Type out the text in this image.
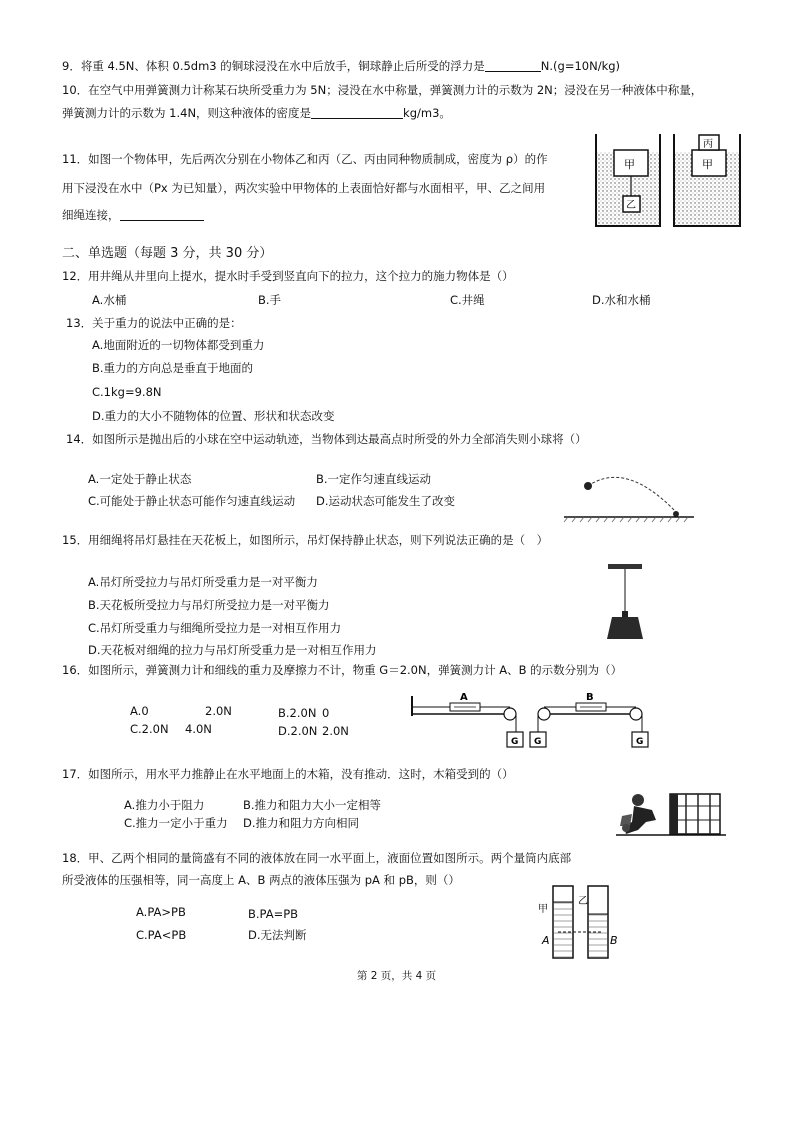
9．将重 4.5N、体积 0.5dm3 的铜球浸没在水中后放手，铜球静止后所受的浮力是	N.(g=10N/kg)
10．在空气中用弹簧测力计称某石块所受重力为 5N；浸没在水中称量，弹簧测力计的示数为 2N；浸没在另一种液体中称量，
弹簧测力计的示数为 1.4N，则这种液体的密度是	kg/m3。
11．如图一个物体甲，先后两次分别在小物体乙和丙（乙、丙由同种物质制成，密度为 ρ）的作
用下浸没在水中（Px 为已知量），两次实验中甲物体的上表面恰好都与水面相平，甲、乙之间用
细绳连接，
甲
乙
甲
丙
二、单选题（每题 3 分，共 30 分）
12．用井绳从井里向上提水，提水时手受到竖直向下的拉力，这个拉力的施力物体是（）
A.水桶	B.手	C.井绳	D.水和水桶
13．关于重力的说法中正确的是：
A.地面附近的一切物体都受到重力
B.重力的方向总是垂直于地面的
C.1kg=9.8N
D.重力的大小不随物体的位置、形状和状态改变
14．如图所示是抛出后的小球在空中运动轨迹，当物体到达最高点时所受的外力全部消失则小球将（）
A.一定处于静止状态	B.一定作匀速直线运动
C.可能处于静止状态可能作匀速直线运动 D.运动状态可能发生了改变
15．用细绳将吊灯悬挂在天花板上，如图所示，吊灯保持静止状态，则下列说法正确的是（　）
A.吊灯所受拉力与吊灯所受重力是一对平衡力
B.天花板所受拉力与吊灯所受拉力是一对平衡力
C.吊灯所受重力与细绳所受拉力是一对相互作用力
D.天花板对细绳的拉力与吊灯所受重力是一对相互作用力
16．如图所示，弹簧测力计和细线的重力及摩擦力不计，物重 G＝2.0N，弹簧测力计 A、B 的示数分别为（）
A.0	2.0N	B.2.0N 0
C.2.0N 4.0N	D.2.0N 2.0N
A
G
B
G	G
17．如图所示，用水平力推静止在水平地面上的木箱，没有推动．这时，木箱受到的（）
A.推力小于阻力	B.推力和阻力大小一定相等
C.推力一定小于重力 D.推力和阻力方向相同
18．甲、乙两个相同的量筒盛有不同的液体放在同一水平面上，液面位置如图所示。两个量筒内底部
所受液体的压强相等，同一高度上 A、B 两点的液体压强为 pA 和 pB，则（）
A.PA>PB	B.PA=PB
C.PA<PB	D.无法判断
甲
乙
A	B
第 2 页，共 4 页
